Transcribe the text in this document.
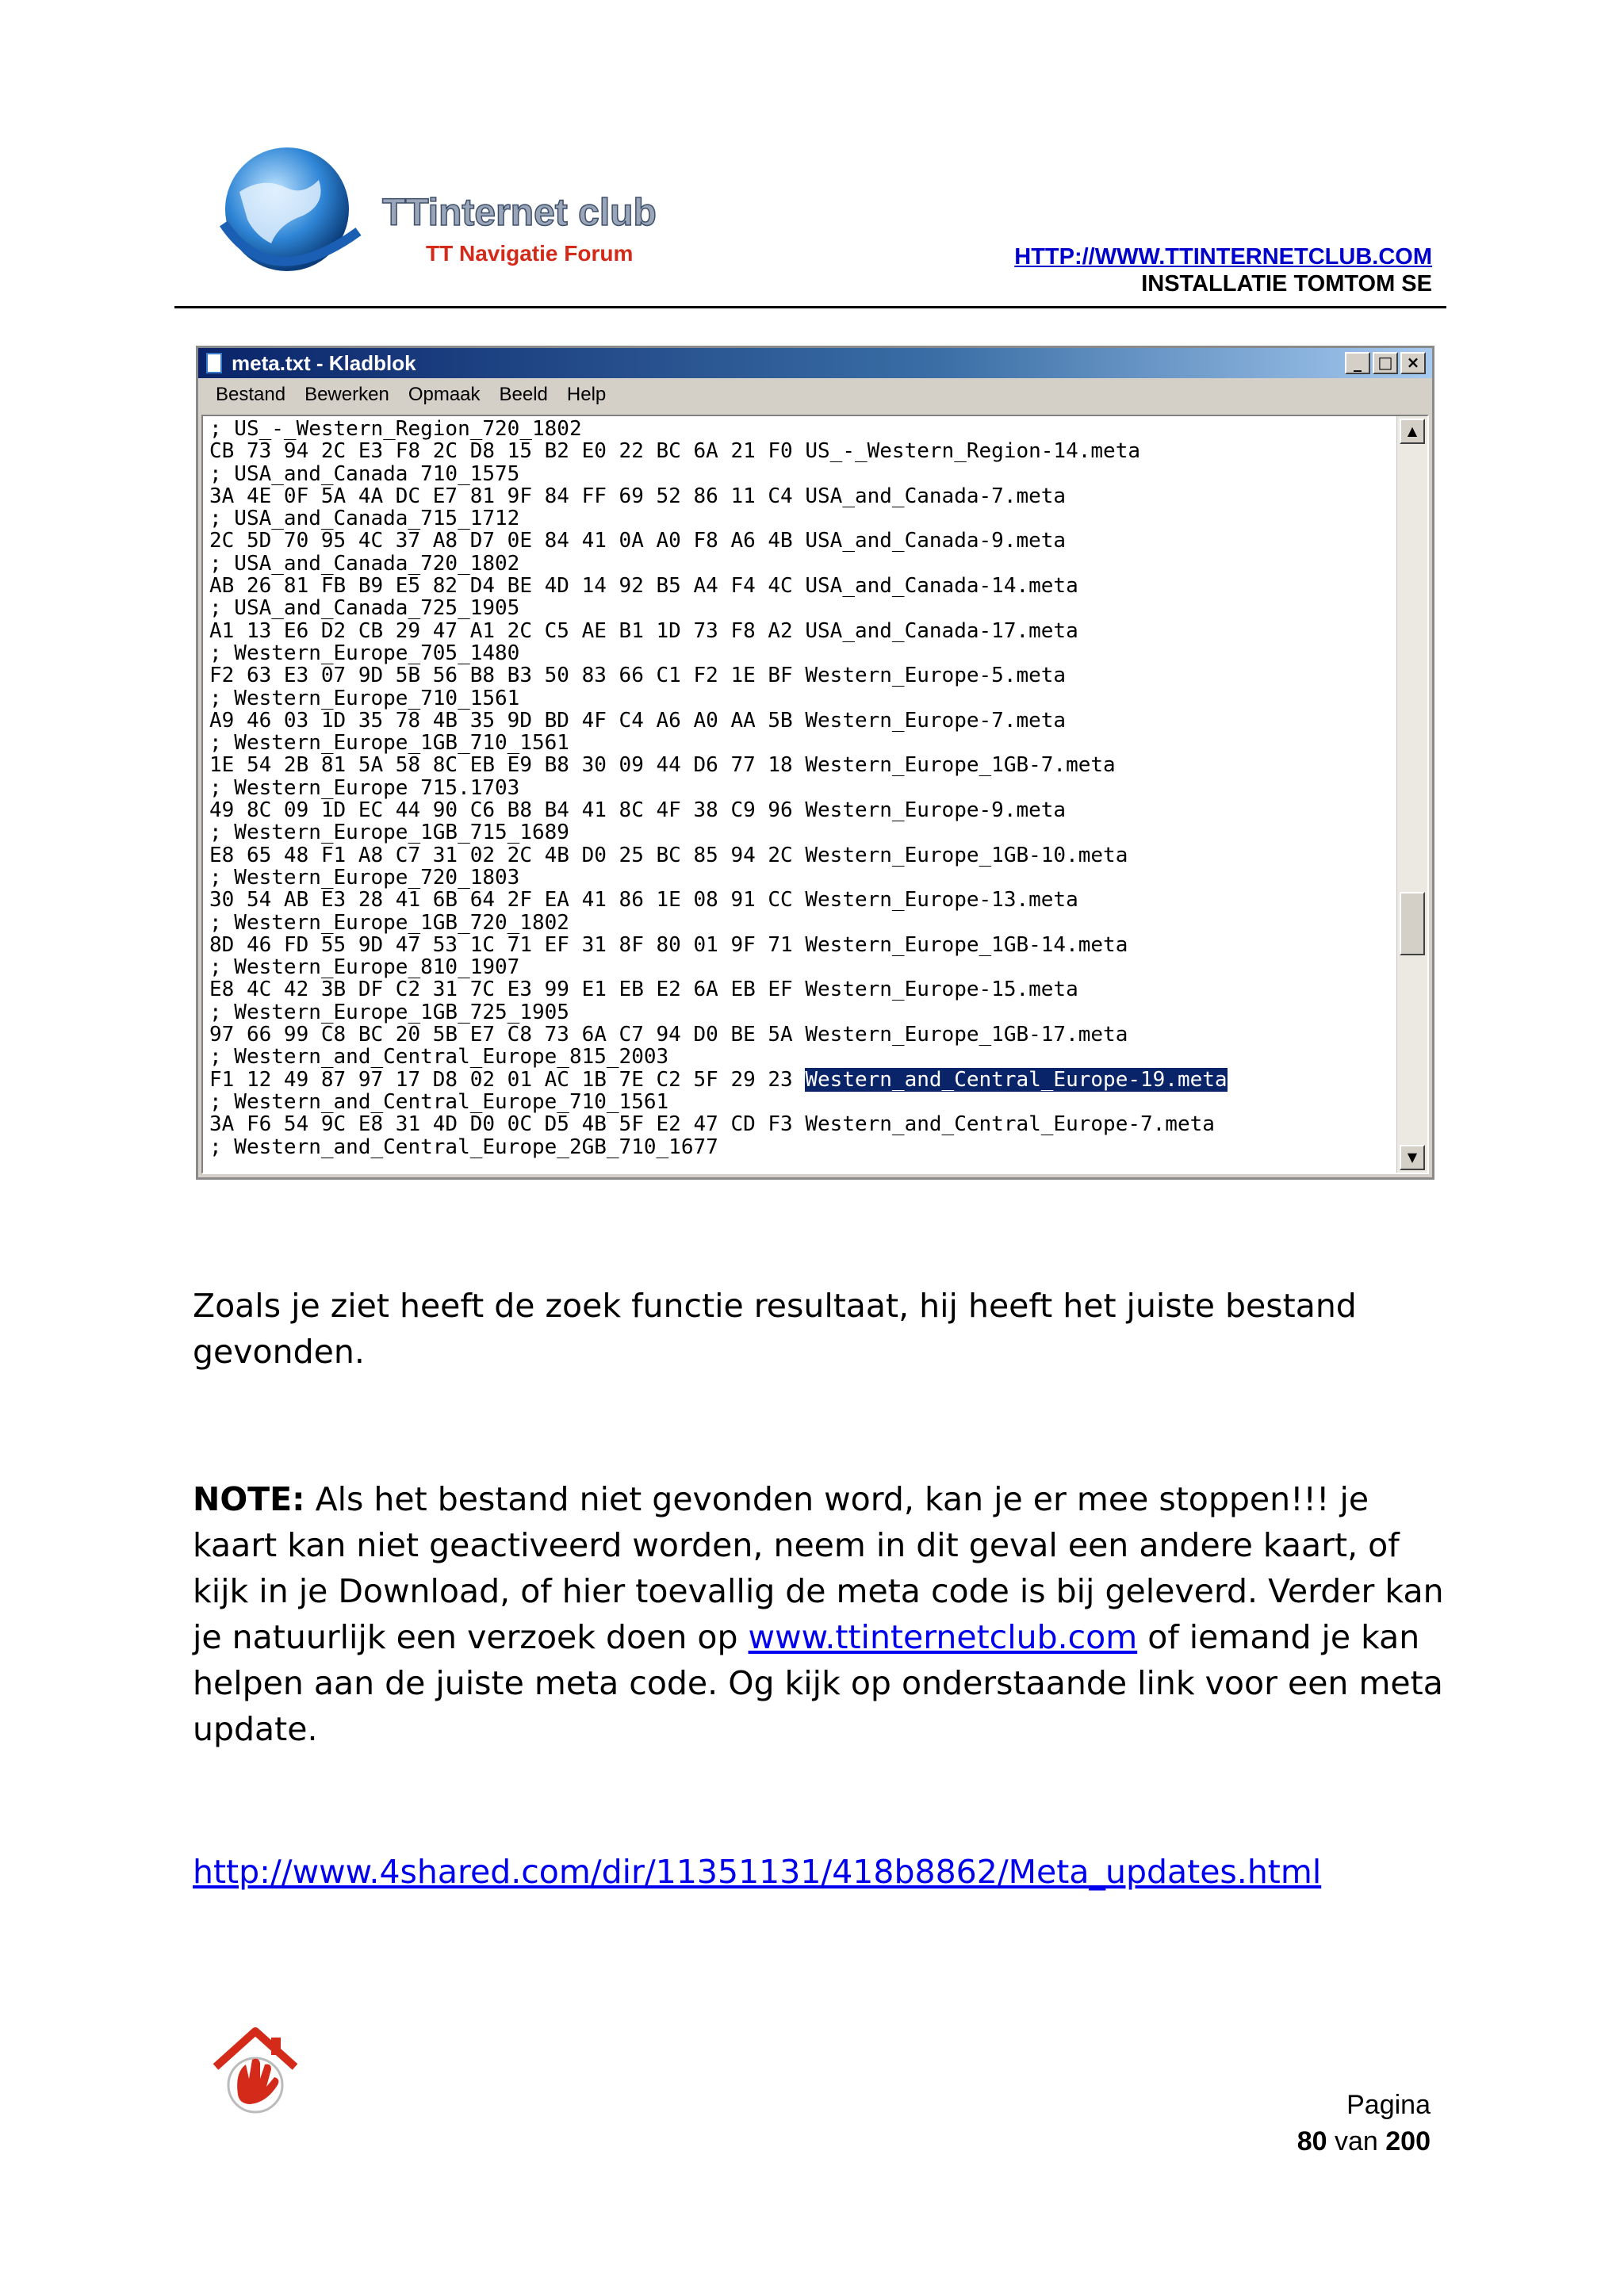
TTinternet club
TT Navigatie Forum	HTTP://WWW.TTINTERNETCLUB.COM
INSTALLATIE TOMTOM SE
meta.txt - Kladblok	_	□ ×
Bestand	Bewerken	Opmaak	Beeld	Help
; US_-_Western_Region_720_1802
CB 73 94 2C E3 F8 2C D8 15 B2 E0 22 BC 6A 21 F0 US_-_Western_Region-14.meta
; USA_and_Canada 710_1575
3A 4E 0F 5A 4A DC E7 81 9F 84 FF 69 52 86 11 C4 USA_and_Canada-7.meta
; USA_and_Canada_715_1712
2C 5D 70 95 4C 37 A8 D7 0E 84 41 0A A0 F8 A6 4B USA_and_Canada-9.meta
; USA_and_Canada_720_1802
AB 26 81 FB B9 E5 82 D4 BE 4D 14 92 B5 A4 F4 4C USA_and_Canada-14.meta
; USA_and_Canada_725_1905
A1 13 E6 D2 CB 29 47 A1 2C C5 AE B1 1D 73 F8 A2 USA_and_Canada-17.meta
; Western_Europe_705_1480
F2 63 E3 07 9D 5B 56 B8 B3 50 83 66 C1 F2 1E BF Western_Europe-5.meta
; Western_Europe_710_1561
A9 46 03 1D 35 78 4B 35 9D BD 4F C4 A6 A0 AA 5B Western_Europe-7.meta
; Western_Europe_1GB_710_1561
1E 54 2B 81 5A 58 8C EB E9 B8 30 09 44 D6 77 18 Western_Europe_1GB-7.meta
; Western_Europe 715.1703
49 8C 09 1D EC 44 90 C6 B8 B4 41 8C 4F 38 C9 96 Western_Europe-9.meta
; Western_Europe_1GB_715_1689
E8 65 48 F1 A8 C7 31 02 2C 4B D0 25 BC 85 94 2C Western_Europe_1GB-10.meta
; Western_Europe_720_1803
30 54 AB E3 28 41 6B 64 2F EA 41 86 1E 08 91 CC Western_Europe-13.meta
; Western_Europe_1GB_720_1802
8D 46 FD 55 9D 47 53 1C 71 EF 31 8F 80 01 9F 71 Western_Europe_1GB-14.meta
; Western_Europe_810_1907
E8 4C 42 3B DF C2 31 7C E3 99 E1 EB E2 6A EB EF Western_Europe-15.meta
; Western_Europe_1GB_725_1905
97 66 99 C8 BC 20 5B E7 C8 73 6A C7 94 D0 BE 5A Western_Europe_1GB-17.meta
; Western_and_Central_Europe_815_2003
F1 12 49 87 97 17 D8 02 01 AC 1B 7E C2 5F 29 23 Western_and_Central_Europe-19.meta
; Western_and_Central_Europe_710_1561
3A F6 54 9C E8 31 4D D0 0C D5 4B 5F E2 47 CD F3 Western_and_Central_Europe-7.meta
; Western_and_Central_Europe_2GB_710_1677
▲
▼
Zoals je ziet heeft de zoek functie resultaat, hij heeft het juiste bestand gevonden.
NOTE: Als het bestand niet gevonden word, kan je er mee stoppen!!! je kaart kan niet geactiveerd worden, neem in dit geval een andere kaart, of kijk in je Download, of hier toevallig de meta code is bij geleverd. Verder kan je natuurlijk een verzoek doen op www.ttinternetclub.com of iemand je kan helpen aan de juiste meta code. Og kijk op onderstaande link voor een meta update.
http://www.4shared.com/dir/11351131/418b8862/Meta_updates.html
Pagina
80 van 200
